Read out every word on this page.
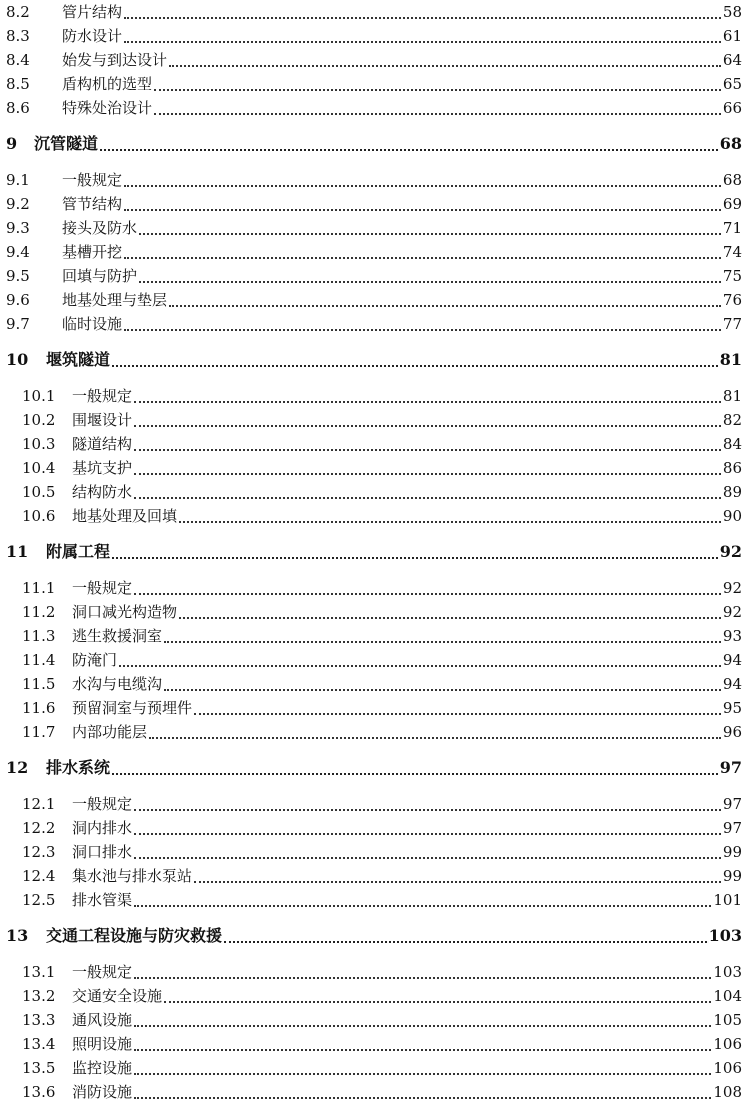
8.2	管片结构	58
8.3	防水设计	61
8.4	始发与到达设计	64
8.5	盾构机的选型	65
8.6	特殊处治设计	66
9 沉管隧道	68
9.1	一般规定	68
9.2	管节结构	69
9.3	接头及防水	71
9.4	基槽开挖	74
9.5	回填与防护	75
9.6	地基处理与垫层	76
9.7	临时设施	77
10 堰筑隧道	81
10.1	一般规定	81
10.2	围堰设计	82
10.3	隧道结构	84
10.4	基坑支护	86
10.5	结构防水	89
10.6	地基处理及回填	90
11 附属工程	92
11.1	一般规定	92
11.2	洞口减光构造物	92
11.3	逃生救援洞室	93
11.4	防淹门	94
11.5	水沟与电缆沟	94
11.6	预留洞室与预埋件	95
11.7	内部功能层	96
12 排水系统	97
12.1	一般规定	97
12.2	洞内排水	97
12.3	洞口排水	99
12.4	集水池与排水泵站	99
12.5	排水管渠	101
13 交通工程设施与防灾救援	103
13.1	一般规定	103
13.2	交通安全设施	104
13.3	通风设施	105
13.4	照明设施	106
13.5	监控设施	106
13.6	消防设施	108
